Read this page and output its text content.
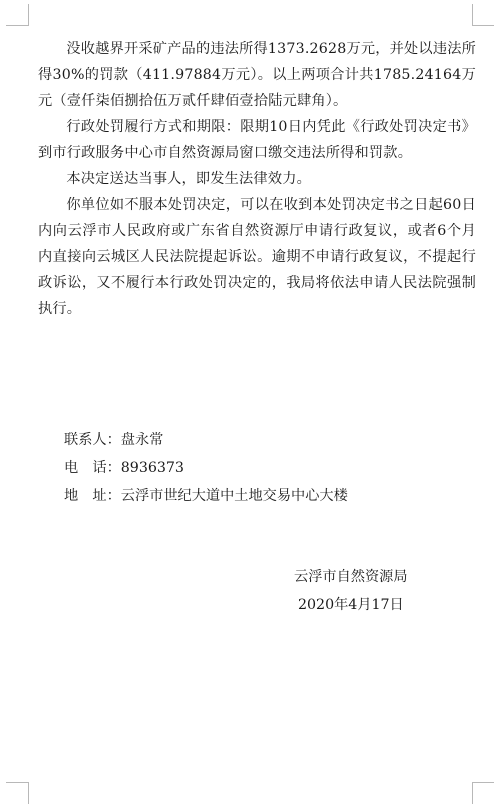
没收越界开采矿产品的违法所得1373.2628万元，并处以违法所得30%的罚款（411.97884万元）。以上两项合计共1785.24164万元（壹仟柒佰捌拾伍万贰仟肆佰壹拾陆元肆角）。

行政处罚履行方式和期限：限期10日内凭此《行政处罚决定书》到市行政服务中心市自然资源局窗口缴交违法所得和罚款。

本决定送达当事人，即发生法律效力。

你单位如不服本处罚决定，可以在收到本处罚决定书之日起60日内向云浮市人民政府或广东省自然资源厅申请行政复议，或者6个月内直接向云城区人民法院提起诉讼。逾期不申请行政复议，不提起行政诉讼，又不履行本行政处罚决定的，我局将依法申请人民法院强制执行。

联系人：盘永常
电　话：8936373
地　址：云浮市世纪大道中土地交易中心大楼
云浮市自然资源局
2020年4月17日
